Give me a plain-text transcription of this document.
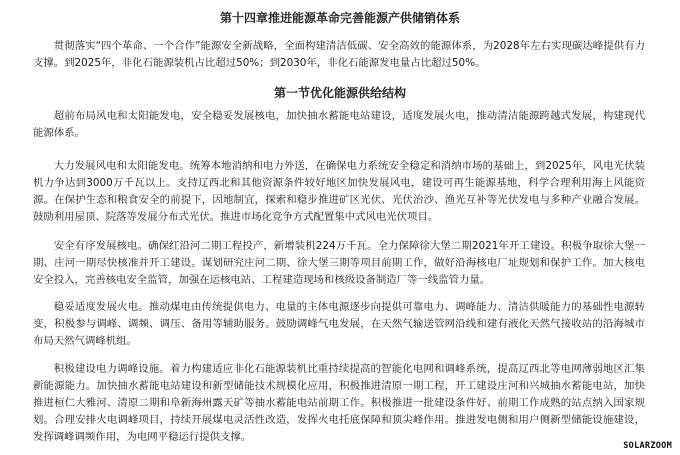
第十四章推进能源革命完善能源产供储销体系

贯彻落实“四个革命、一个合作”能源安全新战略，全面构建清洁低碳、安全高效的能源体系，为2028年左右实现碳达峰提供有力支撑。到2025年，非化石能源装机占比超过50%；到2030年，非化石能源发电量占比超过50%。

第一节优化能源供给结构

超前布局风电和太阳能发电，安全稳妥发展核电，加快抽水蓄能电站建设，适度发展火电，推动清洁能源跨越式发展，构建现代能源体系。

大力发展风电和太阳能发电。统筹本地消纳和电力外送，在确保电力系统安全稳定和消纳市场的基础上，到2025年，风电光伏装机力争达到3000万千瓦以上。支持辽西北和其他资源条件较好地区加快发展风电，建设可再生能源基地，科学合理利用海上风能资源。在保护生态和粮食安全的前提下，因地制宜，探索和稳步推进矿区光伏、光伏治沙、渔光互补等光伏发电与多种产业融合发展。鼓励利用屋顶、院落等发展分布式光伏。推进市场化竞争方式配置集中式风电光伏项目。

安全有序发展核电。确保红沿河二期工程投产，新增装机224万千瓦。全力保障徐大堡二期2021年开工建设。积极争取徐大堡一期、庄河一期尽快核准并开工建设。谋划研究庄河二期、徐大堡三期等项目前期工作，做好沿海核电厂址规划和保护工作。加大核电安全投入，完善核电安全监管，加强在运核电站、工程建造现场和核级设备制造厂等一线监管力量。

稳妥适度发展火电。推动煤电由传统提供电力、电量的主体电源逐步向提供可靠电力、调峰能力、清洁供暖能力的基础性电源转变，积极参与调峰、调频、调压、备用等辅助服务。鼓励调峰气电发展，在天然气输送管网沿线和建有液化天然气接收站的沿海城市布局天然气调峰机组。

积极建设电力调峰设施。着力构建适应非化石能源装机比重持续提高的智能化电网和调峰系统，提高辽西北等电网薄弱地区汇集新能源能力。加快抽水蓄能电站建设和新型储能技术规模化应用，积极推进清原一期工程，开工建设庄河和兴城抽水蓄能电站，加快推进桓仁大雅河、清原二期和阜新海州露天矿等抽水蓄能电站前期工作。积极推进一批建设条件好、前期工作成熟的站点纳入国家规划。合理安排火电调峰项目，持续开展煤电灵活性改造，发挥火电托底保障和顶尖峰作用。推进发电侧和用户侧新型储能设施建设，发挥调峰调频作用，为电网平稳运行提供支撑。

SOLARZOOM
